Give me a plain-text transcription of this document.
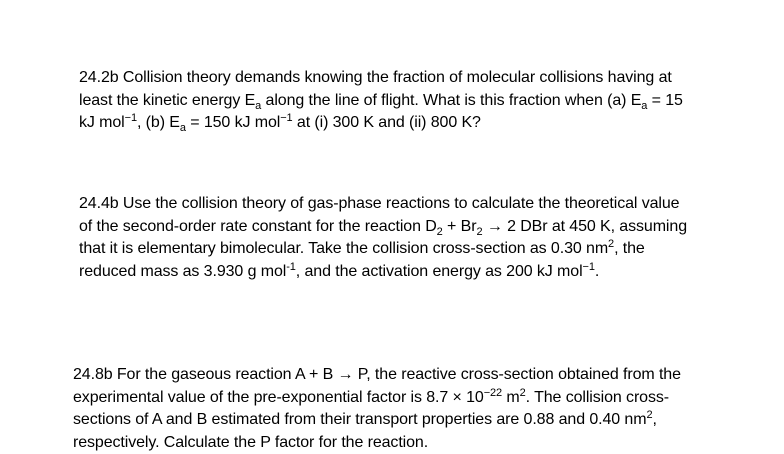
24.2b Collision theory demands knowing the fraction of molecular collisions having at
least the kinetic energy $E_a$ along the line of flight. What is this fraction when (a) $E_a = 15$
kJ mol$^{-1}$, (b) $E_a = 150$ kJ mol$^{-1}$ at (i) 300 K and (ii) 800 K?
24.4b Use the collision theory of gas-phase reactions to calculate the theoretical value
of the second-order rate constant for the reaction $D_2 + Br_2 \to 2$ DBr at 450 K, assuming
that it is elementary bimolecular. Take the collision cross-section as 0.30 $nm^2$, the
reduced mass as 3.930 g mol$^{-1}$, and the activation energy as 200 kJ mol$^{-1}$.
24.8b For the gaseous reaction A + B → P, the reactive cross-section obtained from the
experimental value of the pre-exponential factor is $8.7 \times 10^{-22}$ $m^2$. The collision cross-
sections of A and B estimated from their transport properties are 0.88 and 0.40 $nm^2$,
respectively. Calculate the P factor for the reaction.
